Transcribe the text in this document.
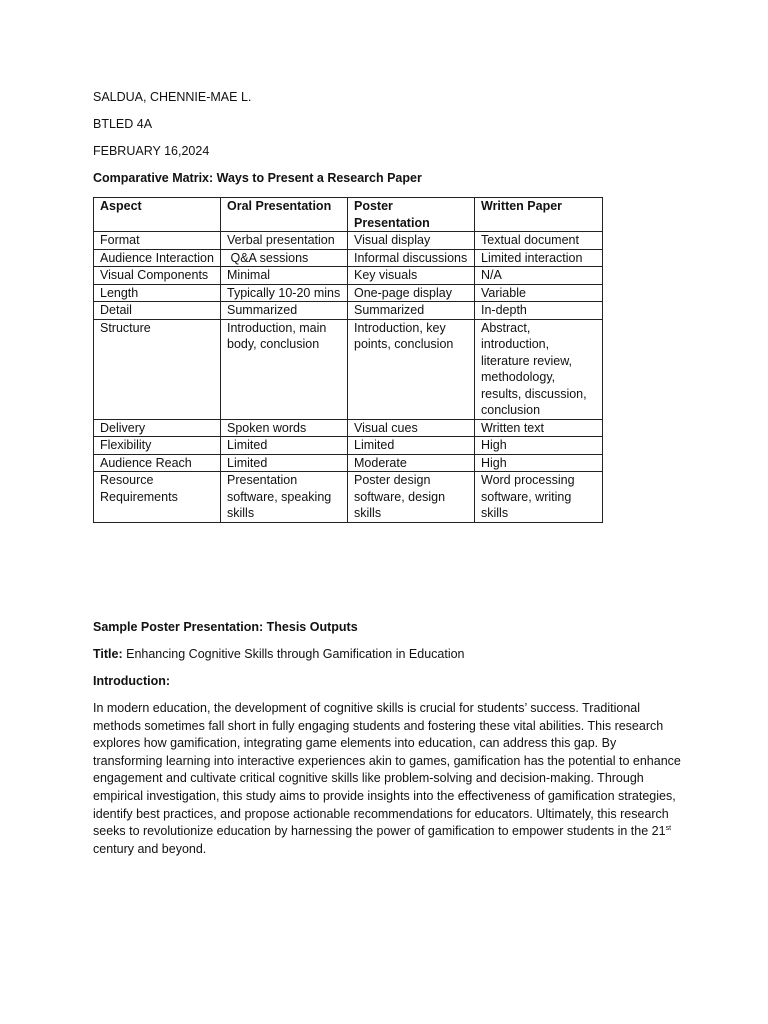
SALDUA, CHENNIE-MAE L.
BTLED 4A
FEBRUARY 16,2024
Comparative Matrix: Ways to Present a Research Paper
Aspect	Oral Presentation	Poster Presentation	Written Paper
Format	Verbal presentation	Visual display	Textual document
Audience Interaction	Q&A sessions	Informal discussions	Limited interaction
Visual Components	Minimal	Key visuals	N/A
Length	Typically 10-20 mins	One-page display	Variable
Detail	Summarized	Summarized	In-depth
Structure	Introduction, main body, conclusion	Introduction, key points, conclusion	Abstract, introduction, literature review, methodology, results, discussion, conclusion
Delivery	Spoken words	Visual cues	Written text
Flexibility	Limited	Limited	High
Audience Reach	Limited	Moderate	High
Resource Requirements	Presentation software, speaking skills	Poster design software, design skills	Word processing software, writing skills
Sample Poster Presentation: Thesis Outputs
Title: Enhancing Cognitive Skills through Gamification in Education
Introduction:
In modern education, the development of cognitive skills is crucial for students’ success. Traditional methods sometimes fall short in fully engaging students and fostering these vital abilities. This research explores how gamification, integrating game elements into education, can address this gap. By transforming learning into interactive experiences akin to games, gamification has the potential to enhance engagement and cultivate critical cognitive skills like problem-solving and decision-making. Through empirical investigation, this study aims to provide insights into the effectiveness of gamification strategies, identify best practices, and propose actionable recommendations for educators. Ultimately, this research seeks to revolutionize education by harnessing the power of gamification to empower students in the 21st century and beyond.
